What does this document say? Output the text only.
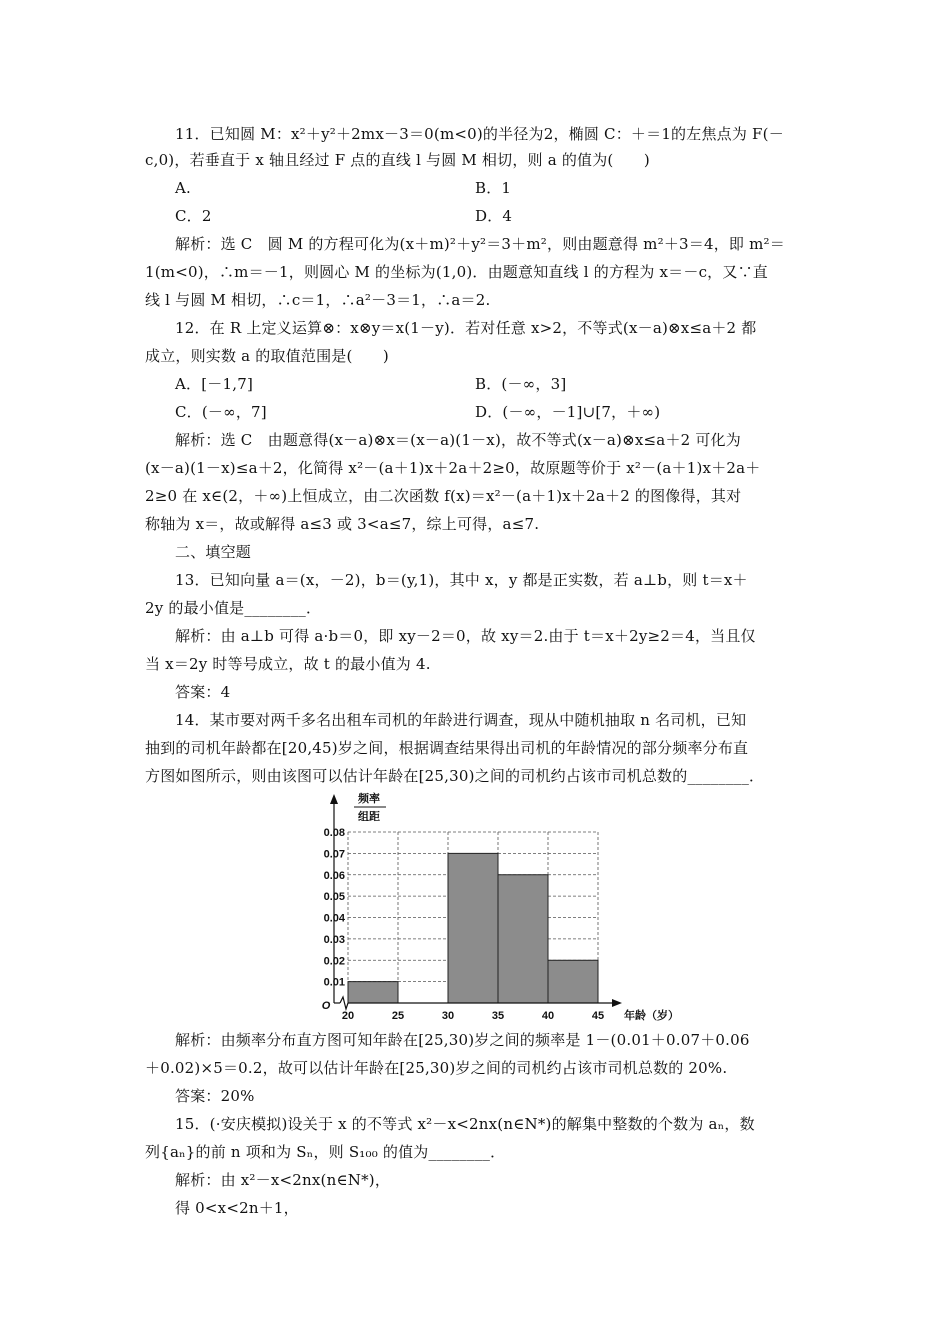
11．已知圆 M：x²＋y²＋2mx－3＝0(m<0)的半径为2，椭圆 C：＋＝1的左焦点为 F(－
c,0)，若垂直于 x 轴且经过 F 点的直线 l 与圆 M 相切，则 a 的值为(　　)
A.	B．1
C．2	D．4
解析：选 C　圆 M 的方程可化为(x＋m)²＋y²＝3＋m²，则由题意得 m²＋3＝4，即 m²＝
1(m<0)，∴m＝－1，则圆心 M 的坐标为(1,0)．由题意知直线 l 的方程为 x＝－c，又∵直
线 l 与圆 M 相切，∴c＝1，∴a²－3＝1，∴a＝2.
12．在 R 上定义运算⊗：x⊗y＝x(1－y)．若对任意 x>2，不等式(x－a)⊗x≤a＋2 都
成立，则实数 a 的取值范围是(　　)
A．[－1,7]	B．(－∞，3]
C．(－∞，7]	D．(－∞，－1]∪[7，＋∞)
解析：选 C　由题意得(x－a)⊗x＝(x－a)(1－x)，故不等式(x－a)⊗x≤a＋2 可化为
(x－a)(1－x)≤a＋2，化简得 x²－(a＋1)x＋2a＋2≥0，故原题等价于 x²－(a＋1)x＋2a＋
2≥0 在 x∈(2，＋∞)上恒成立，由二次函数 f(x)＝x²－(a＋1)x＋2a＋2 的图像得，其对
称轴为 x＝，故或解得 a≤3 或 3<a≤7，综上可得，a≤7.
二、填空题
13．已知向量 a＝(x，－2)，b＝(y,1)，其中 x，y 都是正实数，若 a⊥b，则 t＝x＋
2y 的最小值是________．
解析：由 a⊥b 可得 a·b＝0，即 xy－2＝0，故 xy＝2.由于 t＝x＋2y≥2＝4，当且仅
当 x＝2y 时等号成立，故 t 的最小值为 4.
答案：4
14．某市要对两千多名出租车司机的年龄进行调查，现从中随机抽取 n 名司机，已知
抽到的司机年龄都在[20,45)岁之间，根据调查结果得出司机的年龄情况的部分频率分布直
方图如图所示，则由该图可以估计年龄在[25,30)之间的司机约占该市司机总数的________．
解析：由频率分布直方图可知年龄在[25,30)岁之间的频率是 1－(0.01＋0.07＋0.06
＋0.02)×5＝0.2，故可以估计年龄在[25,30)岁之间的司机约占该市司机总数的 20%.
答案：20%
15．(·安庆模拟)设关于 x 的不等式 x²－x<2nx(n∈N*)的解集中整数的个数为 aₙ，数
列{aₙ}的前 n 项和为 Sₙ，则 S₁₀₀ 的值为________．
解析：由 x²－x<2nx(n∈N*)，
得 0<x<2n＋1，
频率
组距
0.01
0.02
0.03
0.04
0.05
0.06
0.07
0.08
20	25	30	35	40	45
O
年龄（岁）
